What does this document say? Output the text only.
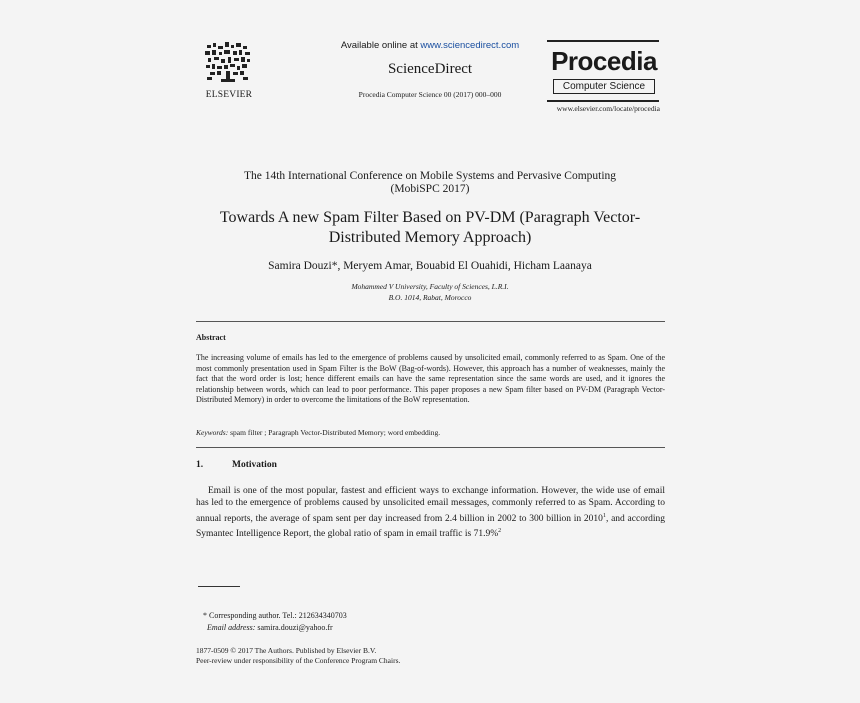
ELSEVIER
Available online at www.sciencedirect.com
ScienceDirect
Procedia Computer Science 00 (2017) 000–000
Procedia
Computer Science
www.elsevier.com/locate/procedia
The 14th International Conference on Mobile Systems and Pervasive Computing
(MobiSPC 2017)
Towards A new Spam Filter Based on PV-DM (Paragraph Vector-
Distributed Memory Approach)
Samira Douzi*, Meryem Amar, Bouabid El Ouahidi, Hicham Laanaya
Mohammed V University, Faculty of Sciences, L.R.I.
B.O. 1014, Rabat, Morocco
Abstract
The increasing volume of emails has led to the emergence of problems caused by unsolicited email, commonly referred to as Spam. One of the most commonly presentation used in Spam Filter is the BoW (Bag-of-words). However, this approach has a number of weaknesses, mainly the fact that the word order is lost; hence different emails can have the same representation since the same words are used, and it ignores the relationship between words, which can lead to poor performance. This paper proposes a new Spam filter based on PV-DM (Paragraph Vector-Distributed Memory) in order to overcome the limitations of the BoW representation.
Keywords: spam filter ; Paragraph Vector-Distributed Memory; word embedding.
1.	Motivation
Email is one of the most popular, fastest and efficient ways to exchange information. However, the wide use of email has led to the emergence of problems caused by unsolicited email messages, commonly referred to as Spam. According to annual reports, the average of spam sent per day increased from 2.4 billion in 2002 to 300 billion in 2010$^1$, and according Symantec Intelligence Report, the global ratio of spam in email traffic is 71.9%$^2$
* Corresponding author. Tel.: 212634340703
Email address: samira.douzi@yahoo.fr
1877-0509 © 2017 The Authors. Published by Elsevier B.V.
Peer-review under responsibility of the Conference Program Chairs.
